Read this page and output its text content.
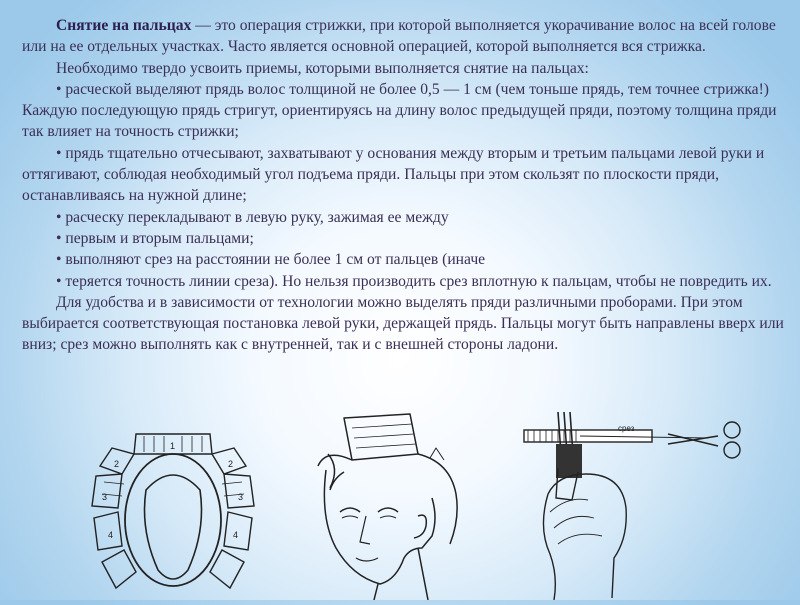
Снятие на пальцах — это операция стрижки, при которой выполняется укорачивание волос на всей голове или на ее отдельных участках. Часто является основной операцией, которой выполняется вся стрижка.

Необходимо твердо усвоить приемы, которыми выполняется снятие на пальцах:

• расческой выделяют прядь волос толщиной не более 0,5 — 1 см (чем тоньше прядь, тем точнее стрижка!) Каждую последующую прядь стригут, ориентируясь на длину волос предыдущей пряди, поэтому толщина пряди так влияет на точность стрижки;

• прядь тщательно отчесывают, захватывают у основания между вторым и третьим пальцами левой руки и оттягивают, соблюдая необходимый угол подъема пряди. Пальцы при этом скользят по плоскости пряди, останавливаясь на нужной длине;

• расческу перекладывают в левую руку, зажимая ее между

• первым и вторым пальцами;

• выполняют срез на расстоянии не более 1 см от пальцев (иначе

• теряется точность линии среза). Но нельзя производить срез вплотную к пальцам, чтобы не повредить их.

Для удобства и в зависимости от технологии можно выделять пряди различными проборами. При этом выбирается соответствующая постановка левой руки, держащей прядь. Пальцы могут быть направлены вверх или вниз; срез можно выполнять как с внутренней, так и с внешней стороны ладони.

1
2	2
3	3
4	4
срез
